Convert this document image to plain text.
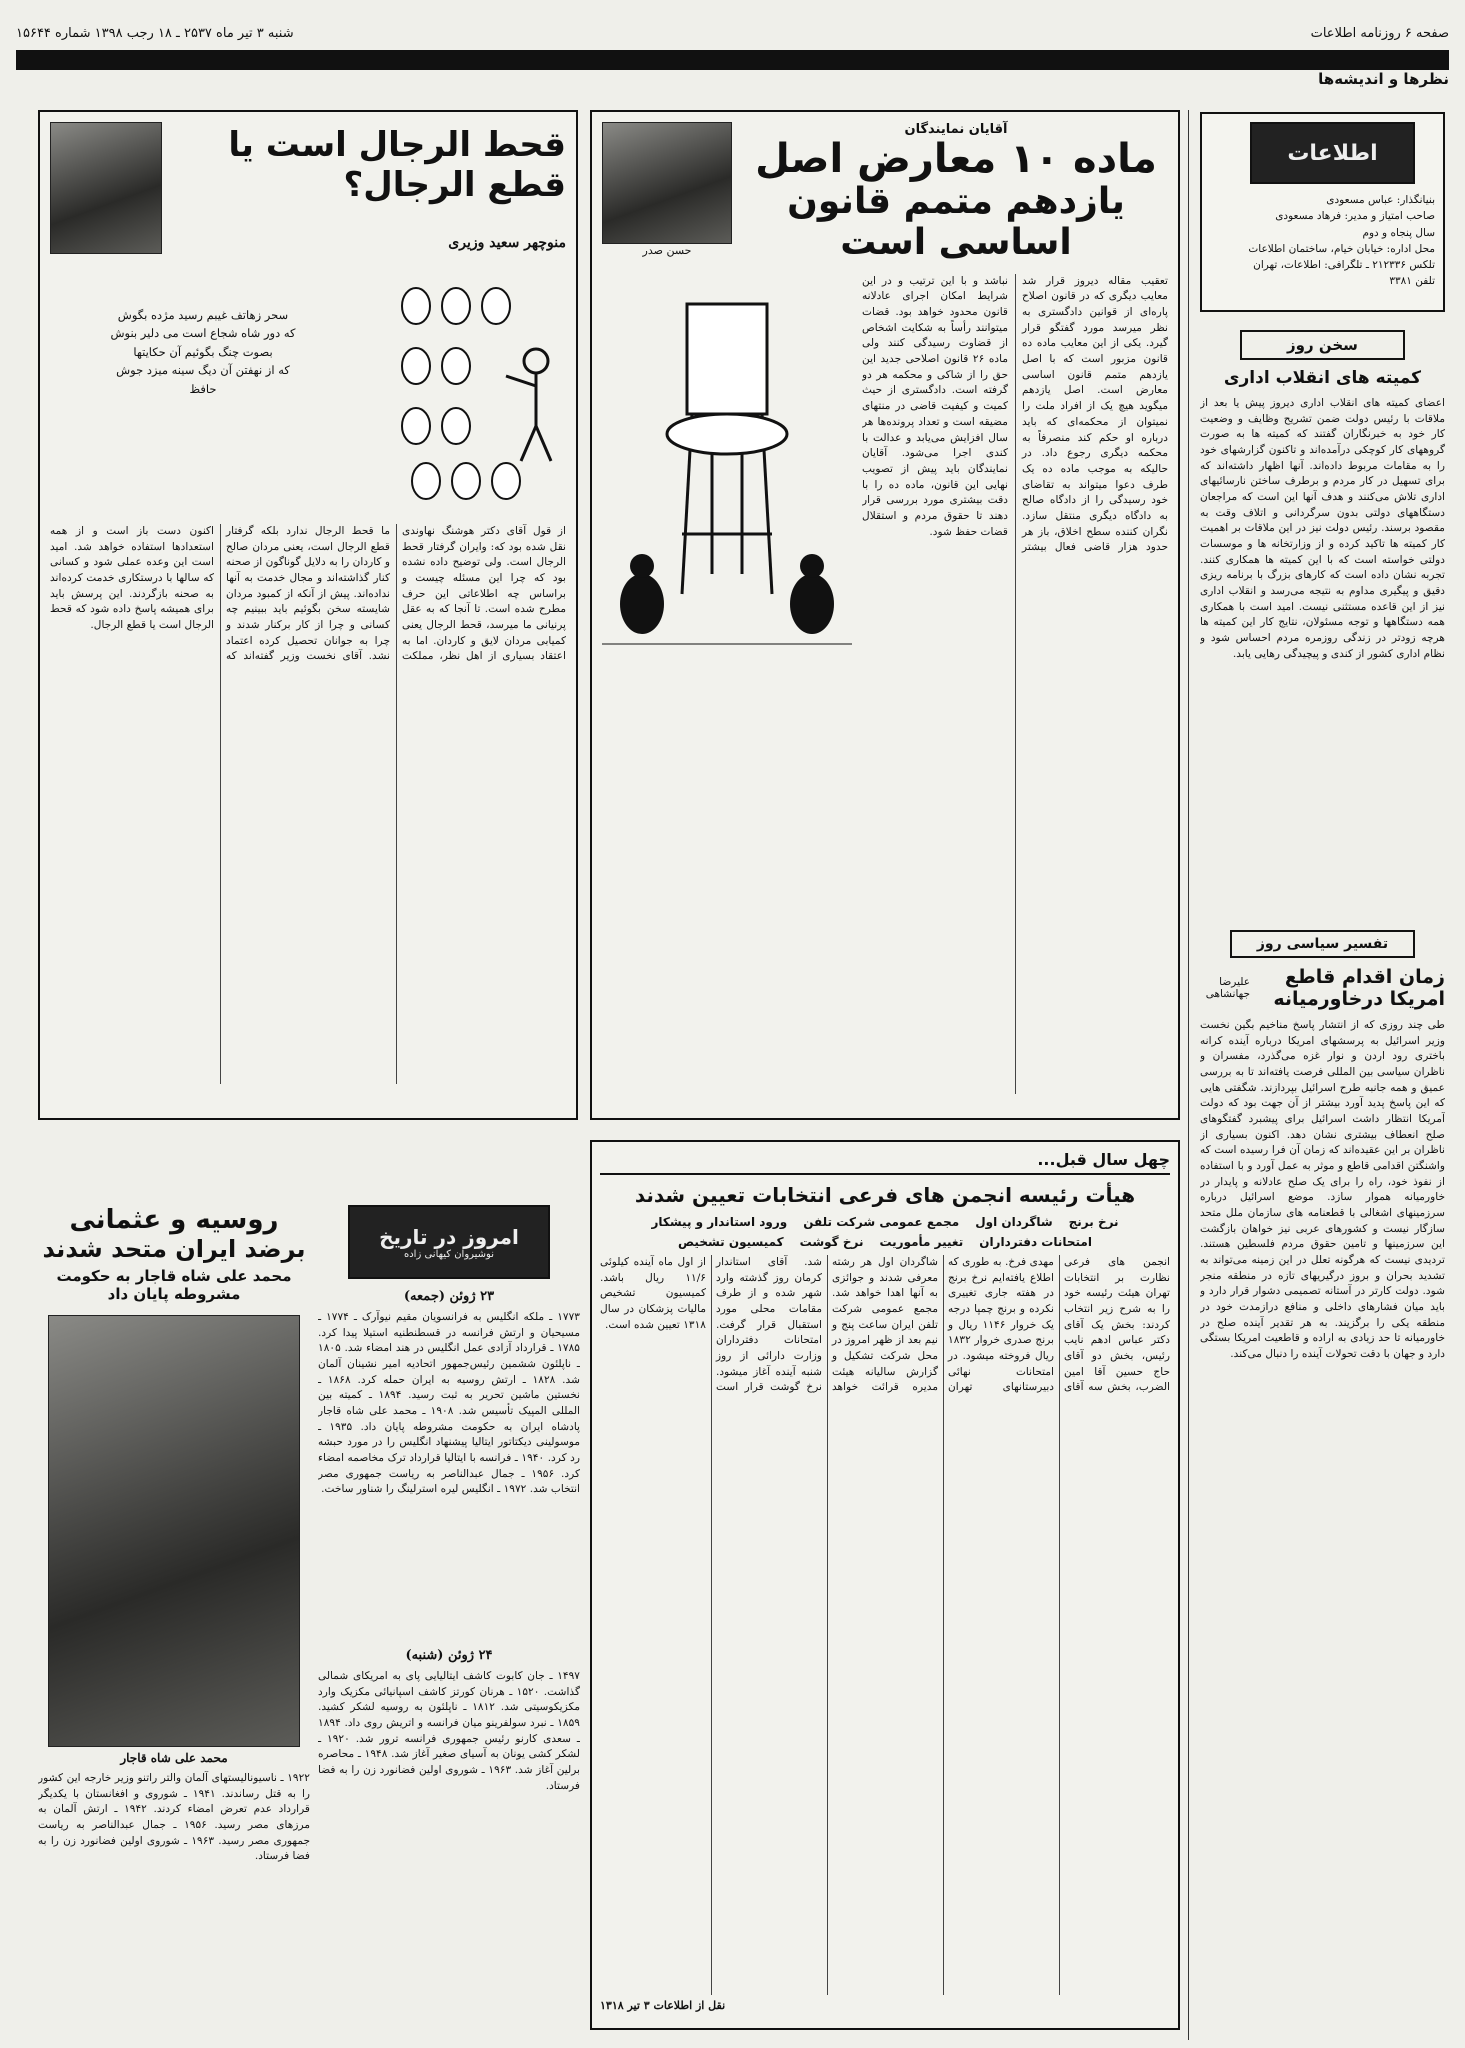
صفحه ۶ روزنامه اطلاعات
شنبه ۳ تیر ماه ۲۵۳۷ ـ ۱۸ رجب ۱۳۹۸ شماره ۱۵۶۴۴
نظرها و اندیشه‌ها
اطلاعات
بنیانگذار: عباس مسعودی
صاحب امتیاز و مدیر: فرهاد مسعودی
سال پنجاه و دوم
محل اداره: خیابان خیام، ساختمان اطلاعات
تلکس ۲۱۲۳۳۶ ـ تلگرافی: اطلاعات، تهران
تلفن ۳۳۸۱
سخن روز
کمیته های انقلاب اداری
اعضای کمیته های انقلاب اداری دیروز پیش یا بعد از ملاقات با رئیس دولت ضمن تشریح وظایف و وضعیت کار خود به خبرنگاران گفتند که کمیته ها به صورت گروههای کار کوچکی درآمده‌اند و تاکنون گزارشهای خود را به مقامات مربوط داده‌اند. آنها اظهار داشته‌اند که برای تسهیل در کار مردم و برطرف ساختن نارسائیهای اداری تلاش می‌کنند و هدف آنها این است که مراجعان دستگاههای دولتی بدون سرگردانی و اتلاف وقت به مقصود برسند. رئیس دولت نیز در این ملاقات بر اهمیت کار کمیته ها تاکید کرده و از وزارتخانه ها و موسسات دولتی خواسته است که با این کمیته ها همکاری کنند. تجربه نشان داده است که کارهای بزرگ با برنامه ریزی دقیق و پیگیری مداوم به نتیجه می‌رسد و انقلاب اداری نیز از این قاعده مستثنی نیست. امید است با همکاری همه دستگاهها و توجه مسئولان، نتایج کار این کمیته ها هرچه زودتر در زندگی روزمره مردم احساس شود و نظام اداری کشور از کندی و پیچیدگی رهایی یابد.
تفسیر سیاسی روز
زمان اقدام قاطع امریکا درخاورمیانه
علیرضا جهانشاهی
طی چند روزی که از انتشار پاسخ مناخیم بگین نخست وزیر اسرائیل به پرسشهای امریکا درباره آینده کرانه باختری رود اردن و نوار غزه می‌گذرد، مفسران و ناظران سیاسی بین المللی فرصت یافته‌اند تا به بررسی عمیق و همه جانبه طرح اسرائیل بپردازند. شگفتی هایی که این پاسخ پدید آورد بیشتر از آن جهت بود که دولت آمریکا انتظار داشت اسرائیل برای پیشبرد گفتگوهای صلح انعطاف بیشتری نشان دهد. اکنون بسیاری از ناظران بر این عقیده‌اند که زمان آن فرا رسیده است که واشنگتن اقدامی قاطع و موثر به عمل آورد و با استفاده از نفوذ خود، راه را برای یک صلح عادلانه و پایدار در خاورمیانه هموار سازد. موضع اسرائیل درباره سرزمینهای اشغالی با قطعنامه های سازمان ملل متحد سازگار نیست و کشورهای عربی نیز خواهان بازگشت این سرزمینها و تامین حقوق مردم فلسطین هستند. تردیدی نیست که هرگونه تعلل در این زمینه می‌تواند به تشدید بحران و بروز درگیریهای تازه در منطقه منجر شود. دولت کارتر در آستانه تصمیمی دشوار قرار دارد و باید میان فشارهای داخلی و منافع درازمدت خود در منطقه یکی را برگزیند. به هر تقدیر آینده صلح در خاورمیانه تا حد زیادی به اراده و قاطعیت امریکا بستگی دارد و جهان با دقت تحولات آینده را دنبال می‌کند.
آقایان نمایندگان
ماده ۱۰ معارض اصل
یازدهم متمم قانون اساسی است
حسن صدر
تعقیب مقاله دیروز قرار شد معایب دیگری که در قانون اصلاح پاره‌ای از قوانین دادگستری به نظر میرسد مورد گفتگو قرار گیرد. یکی از این معایب ماده ده قانون مزبور است که با اصل یازدهم متمم قانون اساسی معارض است. اصل یازدهم میگوید هیچ یک از افراد ملت را نمیتوان از محکمه‌ای که باید درباره او حکم کند منصرفاً به محکمه دیگری رجوع داد. در حالیکه به موجب ماده ده یک طرف دعوا میتواند به تقاضای خود رسیدگی را از دادگاه صالح به دادگاه دیگری منتقل سازد. نگران کننده سطح اخلاق، باز هر حدود هزار قاضی فعال بیشتر نباشد و با این ترتیب و در این شرایط امکان اجرای عادلانه قانون محدود خواهد بود. قضات میتوانند رأساً به شکایت اشخاص از قضاوت رسیدگی کنند ولی ماده ۲۶ قانون اصلاحی جدید این حق را از شاکی و محکمه هر دو گرفته است. دادگستری از حیث کمیت و کیفیت قاضی در منتهای مضیقه است و تعداد پرونده‌ها هر سال افزایش می‌یابد و عدالت با کندی اجرا می‌شود. آقایان نمایندگان باید پیش از تصویب نهایی این قانون، ماده ده را با دقت بیشتری مورد بررسی قرار دهند تا حقوق مردم و استقلال قضات حفظ شود.
قحط الرجال است یا قطع الرجال؟
منوچهر سعید وزیری
سحر زهاتف غیبم رسید مژده بگوش
که دور شاه شجاع است می دلیر بنوش
بصوت چنگ بگوئیم آن حکایتها
که از نهفتن آن دیگ سینه میزد جوش
حافظ
از قول آقای دکتر هوشنگ نهاوندی نقل شده بود که: وایران گرفتار قحط الرجال است. ولی توضیح داده نشده بود که چرا این مسئله چیست و براساس چه اطلاعاتی این حرف مطرح شده است. تا آنجا که به عقل پرنیانی ما میرسد، قحط الرجال یعنی کمیابی مردان لایق و کاردان. اما به اعتقاد بسیاری از اهل نظر، مملکت ما قحط الرجال ندارد بلکه گرفتار قطع الرجال است، یعنی مردان صالح و کاردان را به دلایل گوناگون از صحنه کنار گذاشته‌اند و مجال خدمت به آنها نداده‌اند. پیش از آنکه از کمبود مردان شایسته سخن بگوئیم باید ببینیم چه کسانی و چرا از کار برکنار شدند و چرا به جوانان تحصیل کرده اعتماد نشد. آقای نخست وزیر گفته‌اند که اکنون دست باز است و از همه استعدادها استفاده خواهد شد. امید است این وعده عملی شود و کسانی که سالها با درستکاری خدمت کرده‌اند به صحنه بازگردند. این پرسش باید برای همیشه پاسخ داده شود که قحط الرجال است یا قطع الرجال.
چهل سال قبل...
هیأت رئیسه انجمن های فرعی انتخابات تعیین شدند
نرخ برنج
شاگردان اول
مجمع عمومی شرکت تلفن
ورود استاندار و پیشکار
امتحانات دفترداران
تغییر مأموریت
نرخ گوشت
کمیسیون تشخیص
انجمن های فرعی نظارت بر انتخابات تهران هیئت رئیسه خود را به شرح زیر انتخاب کردند: بخش یک آقای دکتر عباس ادهم نایب رئیس، بخش دو آقای حاج حسین آقا امین الضرب، بخش سه آقای مهدی فرخ. به طوری که اطلاع یافته‌ایم نرخ برنج در هفته جاری تغییری نکرده و برنج چمپا درجه یک خروار ۱۱۴۶ ریال و برنج صدری خروار ۱۸۳۲ ریال فروخته میشود. در امتحانات نهائی دبیرستانهای تهران شاگردان اول هر رشته معرفی شدند و جوائزی به آنها اهدا خواهد شد. مجمع عمومی شرکت تلفن ایران ساعت پنج و نیم بعد از ظهر امروز در محل شرکت تشکیل و گزارش سالیانه هیئت مدیره قرائت خواهد شد. آقای استاندار کرمان روز گذشته وارد شهر شده و از طرف مقامات محلی مورد استقبال قرار گرفت. امتحانات دفترداران وزارت دارائی از روز شنبه آینده آغاز میشود. نرخ گوشت قرار است از اول ماه آینده کیلوئی ۱۱/۶ ریال باشد. کمیسیون تشخیص مالیات پزشکان در سال ۱۳۱۸ تعیین شده است.
نقل از اطلاعات ۳ تیر ۱۳۱۸
امروز در تاریخ
نوشیروان کیهانی زاده
۲۳ ژوئن (جمعه)
۱۷۷۳ ـ ملکه انگلیس به فرانسویان مقیم نیوآرک ـ ۱۷۷۴ ـ مسیحیان و ارتش فرانسه در قسطنطنیه استیلا پیدا کرد. ۱۷۸۵ ـ قرارداد آزادی عمل انگلیس در هند امضاء شد. ۱۸۰۵ ـ ناپلئون ششمین رئیس‌جمهور اتحادیه امیر نشینان آلمان شد. ۱۸۲۸ ـ ارتش روسیه به ایران حمله کرد. ۱۸۶۸ ـ نخستین ماشین تحریر به ثبت رسید. ۱۸۹۴ ـ کمیته بین المللی المپیک تأسیس شد. ۱۹۰۸ ـ محمد علی شاه قاجار پادشاه ایران به حکومت مشروطه پایان داد. ۱۹۳۵ ـ موسولینی دیکتاتور ایتالیا پیشنهاد انگلیس را در مورد حبشه رد کرد. ۱۹۴۰ ـ فرانسه با ایتالیا قرارداد ترک مخاصمه امضاء کرد. ۱۹۵۶ ـ جمال عبدالناصر به ریاست جمهوری مصر انتخاب شد. ۱۹۷۲ ـ انگلیس لیره استرلینگ را شناور ساخت.
۲۴ ژوئن (شنبه)
۱۴۹۷ ـ جان کابوت کاشف ایتالیایی پای به امریکای شمالی گذاشت. ۱۵۲۰ ـ هرنان کورتز کاشف اسپانیائی مکزیک وارد مکزیکوسیتی شد. ۱۸۱۲ ـ ناپلئون به روسیه لشکر کشید. ۱۸۵۹ ـ نبرد سولفرینو میان فرانسه و اتریش روی داد. ۱۸۹۴ ـ سعدی کارنو رئیس جمهوری فرانسه ترور شد. ۱۹۲۰ ـ لشکر کشی یونان به آسیای صغیر آغاز شد. ۱۹۴۸ ـ محاصره برلین آغاز شد. ۱۹۶۳ ـ شوروی اولین فضانورد زن را به فضا فرستاد.
روسیه و عثمانی
برضد ایران متحد شدند
محمد علی شاه قاجار به حکومت
مشروطه پایان داد
محمد علی شاه قاجار
۱۹۲۲ ـ ناسیونالیستهای آلمان والتر راتنو وزیر خارجه این کشور را به قتل رساندند. ۱۹۴۱ ـ شوروی و افغانستان با یکدیگر قرارداد عدم تعرض امضاء کردند. ۱۹۴۲ ـ ارتش آلمان به مرزهای مصر رسید. ۱۹۵۶ ـ جمال عبدالناصر به ریاست جمهوری مصر رسید. ۱۹۶۳ ـ شوروی اولین فضانورد زن را به فضا فرستاد.
